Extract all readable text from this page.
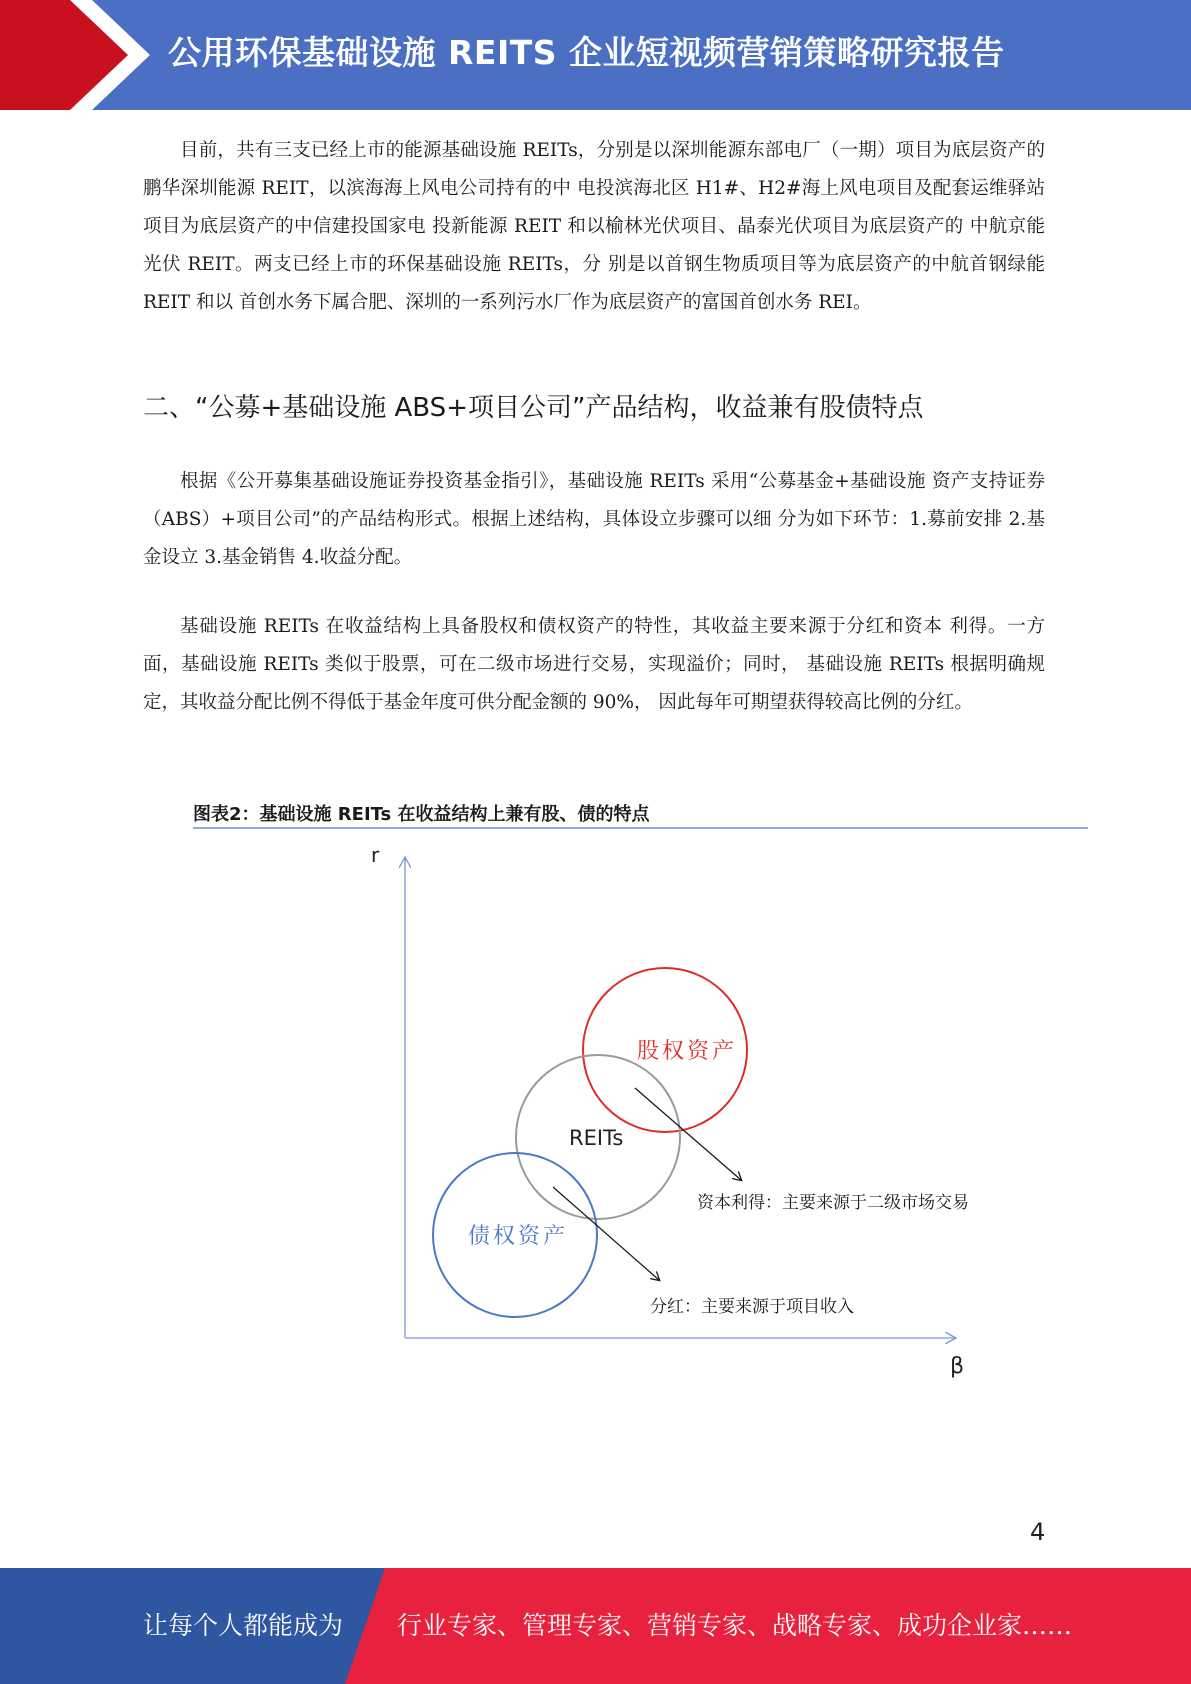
公用环保基础设施 REITS 企业短视频营销策略研究报告

目前，共有三支已经上市的能源基础设施 REITs，分别是以深圳能源东部电厂（一期）项目为底层资产的鹏华深圳能源 REIT，以滨海海上风电公司持有的中 电投滨海北区 H1#、H2#海上风电项目及配套运维驿站项目为底层资产的中信建投国家电 投新能源 REIT 和以榆林光伏项目、晶泰光伏项目为底层资产的 中航京能光伏 REIT。两支已经上市的环保基础设施 REITs，分 别是以首钢生物质项目等为底层资产的中航首钢绿能 REIT 和以 首创水务下属合肥、深圳的一系列污水厂作为底层资产的富国首创水务 REI。

二、“公募+基础设施 ABS+项目公司”产品结构，收益兼有股债特点

根据《公开募集基础设施证券投资基金指引》，基础设施 REITs 采用“公募基金+基础设施 资产支持证券（ABS）+项目公司”的产品结构形式。根据上述结构，具体设立步骤可以细 分为如下环节：1.募前安排 2.基金设立 3.基金销售 4.收益分配。

基础设施 REITs 在收益结构上具备股权和债权资产的特性，其收益主要来源于分红和资本 利得。一方面，基础设施 REITs 类似于股票，可在二级市场进行交易，实现溢价；同时， 基础设施 REITs 根据明确规定，其收益分配比例不得低于基金年度可供分配金额的 90%， 因此每年可期望获得较高比例的分红。

r
β
股权资产
REITs
债权资产
资本利得：主要来源于二级市场交易
分红：主要来源于项目收入
图表2：基础设施 REITs 在收益结构上兼有股、债的特点
4
让每个人都能成为 行业专家、管理专家、营销专家、战略专家、成功企业家……
